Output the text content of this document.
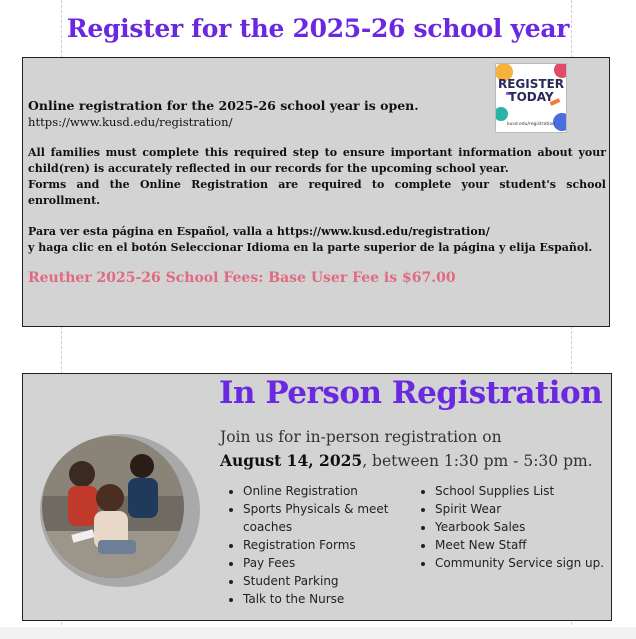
Register for the 2025-26 school year
REGISTER TODAY
kusd.edu/registration

Online registration for the 2025-26 school year is open.

https://www.kusd.edu/registration/

All families must complete this required step to ensure important information about your child(ren) is accurately reflected in our records for the upcoming school year.

Forms and the Online Registration are required to complete your student's school enrollment.

Para ver esta página en Español, valla a https://www.kusd.edu/registration/

y haga clic en el botón Seleccionar Idioma en la parte superior de la página y elija Español.

Reuther 2025-26 School Fees: Base User Fee is $67.00

In Person Registration
Join us for in-person registration on
August 14, 2025, between 1:30 pm - 5:30 pm.
• Online Registration
• Sports Physicals & meet coaches
• Registration Forms
• Pay Fees
• Student Parking
• Talk to the Nurse
• School Supplies List
• Spirit Wear
• Yearbook Sales
• Meet New Staff
• Community Service sign up.
